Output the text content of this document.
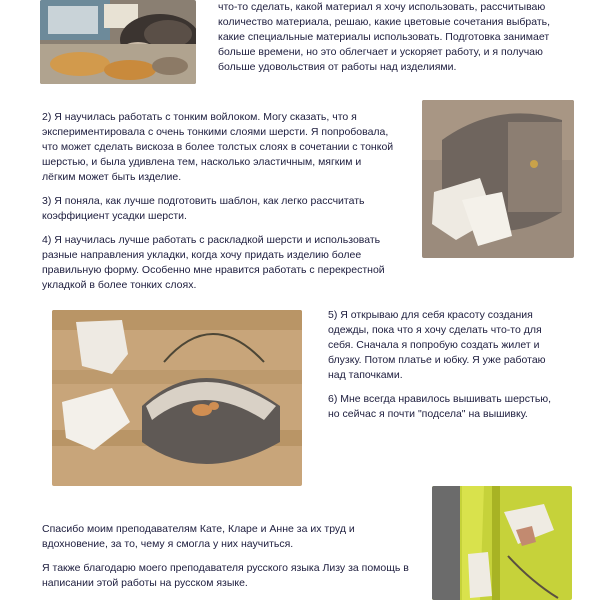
что-то сделать, какой материал я хочу использовать, рассчитываю количество материала, решаю, какие цветовые сочетания выбрать, какие специальные материалы использовать. Подготовка занимает больше времени, но это облегчает и ускоряет работу, и я получаю больше удовольствия от работы над изделиями.

2) Я научилась работать с тонким войлоком. Могу сказать, что я экспериментировала с очень тонкими слоями шерсти. Я попробовала, что может сделать вискоза в более толстых слоях в сочетании с тонкой шерстью, и была удивлена тем, насколько эластичным, мягким и лёгким может быть изделие.

3) Я поняла, как лучше подготовить шаблон, как легко рассчитать коэффициент усадки шерсти.

4) Я научилась лучше работать с раскладкой шерсти и использовать разные направления укладки, когда хочу придать изделию более правильную форму. Особенно мне нравится работать с перекрестной укладкой в более тонких слоях.

5) Я открываю для себя красоту создания одежды, пока что я хочу сделать что-то для себя. Сначала я попробую создать жилет и блузку. Потом платье и юбку. Я уже работаю над тапочками.

6) Мне всегда нравилось вышивать шерстью, но сейчас я почти "подсела" на вышивку.

Спасибо моим преподавателям Кате, Кларе и Анне за их труд и вдохновение, за то, чему я смогла у них научиться.

Я также благодарю моего преподавателя русского языка Лизу за помощь в написании этой работы на русском языке.
